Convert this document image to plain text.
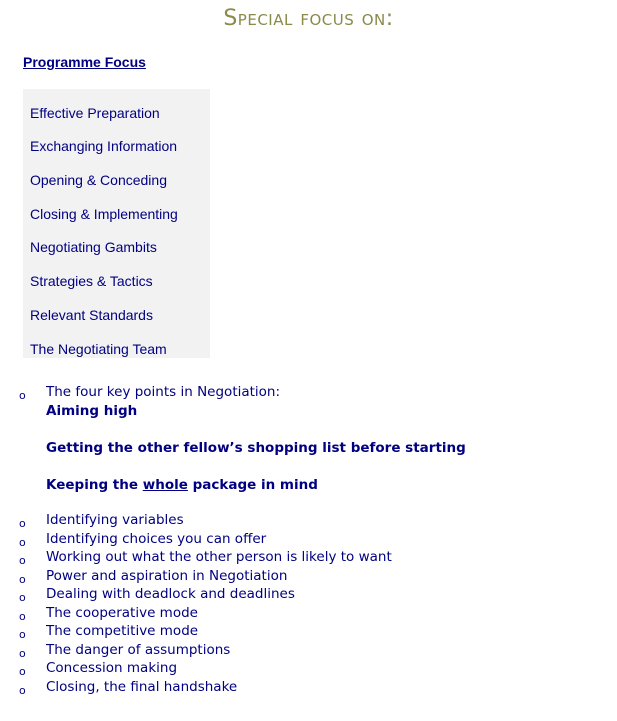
Special focus on:
Programme Focus
Effective Preparation
Exchanging Information
Opening & Conceding
Closing & Implementing
Negotiating Gambits
Strategies & Tactics
Relevant Standards
The Negotiating Team
o The four key points in Negotiation:
Aiming high
Getting the other fellow’s shopping list before starting
Keeping the whole package in mind
o Identifying variables
o Identifying choices you can offer
o Working out what the other person is likely to want
o Power and aspiration in Negotiation
o Dealing with deadlock and deadlines
o The cooperative mode
o The competitive mode
o The danger of assumptions
o Concession making
o Closing, the final handshake
